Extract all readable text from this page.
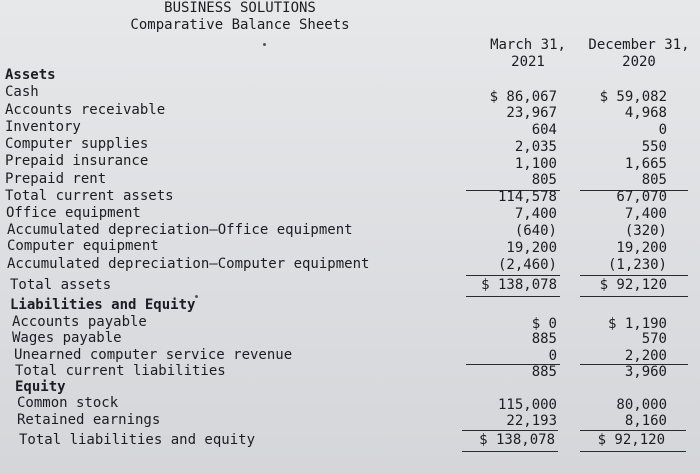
BUSINESS SOLUTIONS
Comparative Balance Sheets
March 31,
2021
December 31,
2020
Assets
Cash	$ 86,067	$ 59,082
Accounts receivable	23,967	4,968
Inventory	604	0
Computer supplies	2,035	550
Prepaid insurance	1,100	1,665
Prepaid rent	805	805
Total current assets	114,578	67,070
Office equipment	7,400	7,400
Accumulated depreciation—Office equipment	(640)	(320)
Computer equipment	19,200	19,200
Accumulated depreciation—Computer equipment	(2,460)	(1,230)
Total assets	$ 138,078	$ 92,120
Liabilities and Equity
Accounts payable	$ 0	$ 1,190
Wages payable	885	570
Unearned computer service revenue	0	2,200
Total current liabilities	885	3,960
Equity
Common stock	115,000	80,000
Retained earnings	22,193	8,160
Total liabilities and equity	$ 138,078	$ 92,120
